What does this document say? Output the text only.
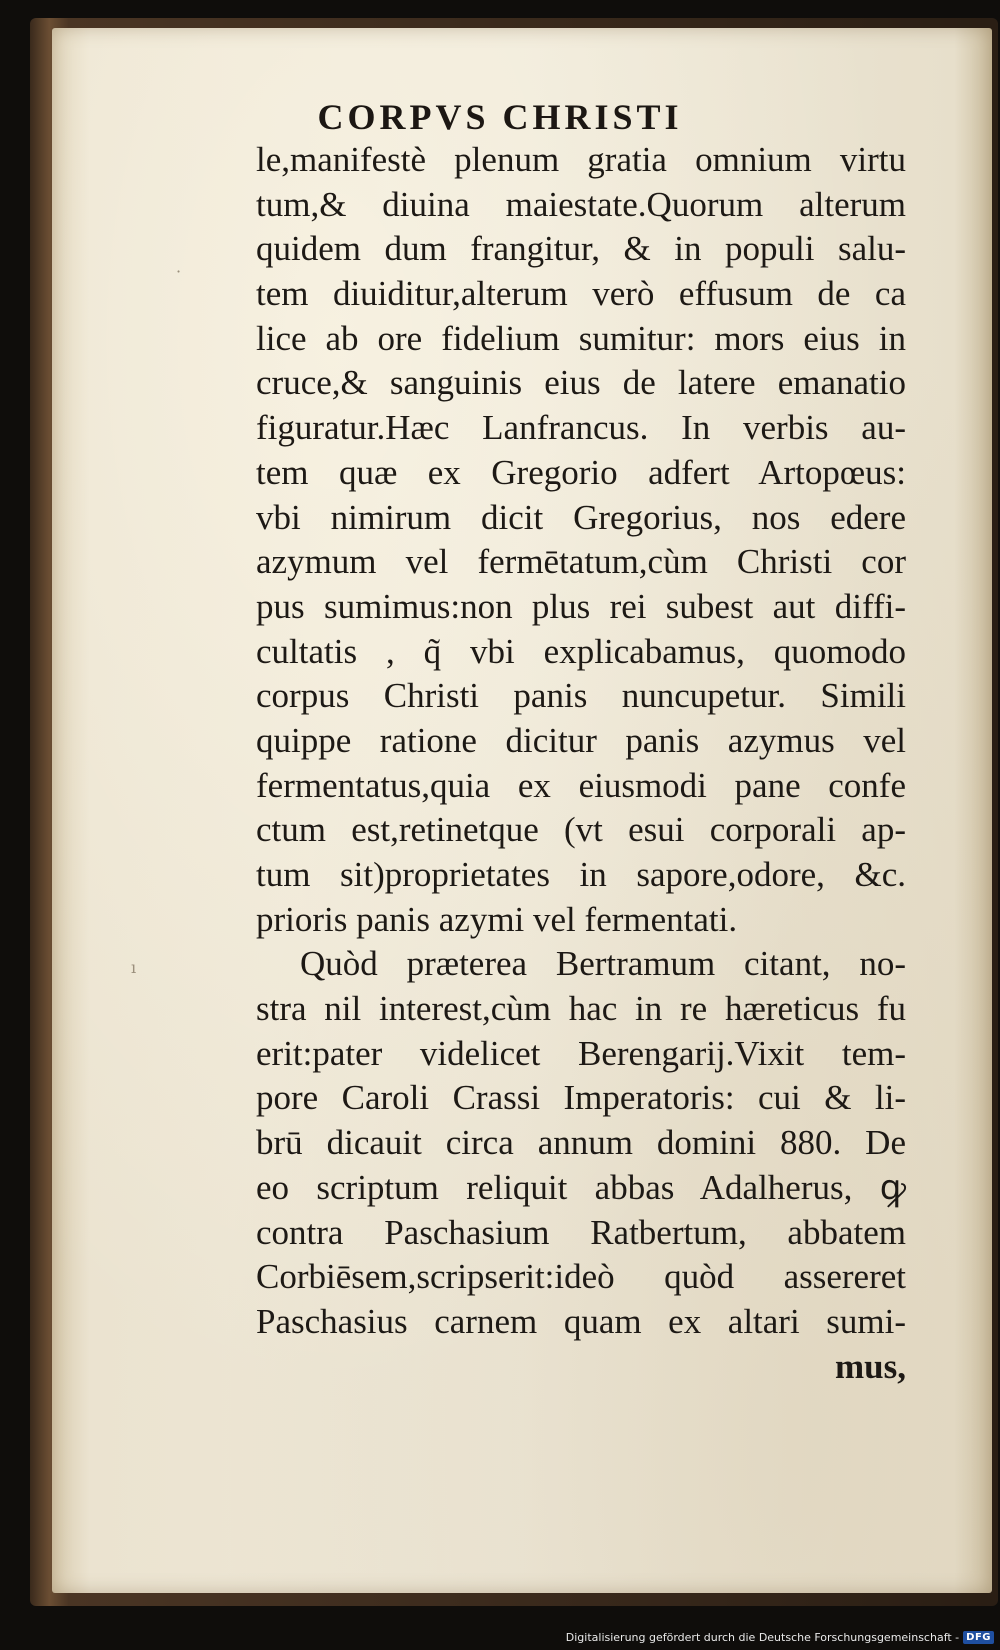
CORPVS CHRISTI
le,manifestè plenum gratia omnium virtu
tum,& diuina maiestate.Quorum alterum
quidem dum frangitur, & in populi salu-
tem diuiditur,alterum verò effusum de ca
lice ab ore fidelium sumitur: mors eius in
cruce,& sanguinis eius de latere emanatio
figuratur.Hæc Lanfrancus. In verbis au-
tem quæ ex Gregorio adfert Artopœus:
vbi nimirum dicit Gregorius, nos edere
azymum vel fermētatum,cùm Christi cor
pus sumimus:non plus rei subest aut diffi-
cultatis , q̃ vbi explicabamus, quomodo
corpus Christi panis nuncupetur. Simili
quippe ratione dicitur panis azymus vel
fermentatus,quia ex eiusmodi pane confe
ctum est,retinetque (vt esui corporali ap-
tum sit)proprietates in sapore,odore, &c.
prioris panis azymi vel fermentati.
Quòd præterea Bertramum citant, no-
stra nil interest,cùm hac in re hæreticus fu
erit:pater videlicet Berengarij.Vixit tem-
pore Caroli Crassi Imperatoris: cui & li-
brū dicauit circa annum domini 880. De
eo scriptum reliquit abbas Adalherus, ꝙ
contra Paschasium Ratbertum, abbatem
Corbiēsem,scripserit:ideò quòd assereret
Paschasius carnem quam ex altari sumi-
mus,
·
ı
Digitalisierung gefördert durch die Deutsche Forschungsgemeinschaft - DFG
